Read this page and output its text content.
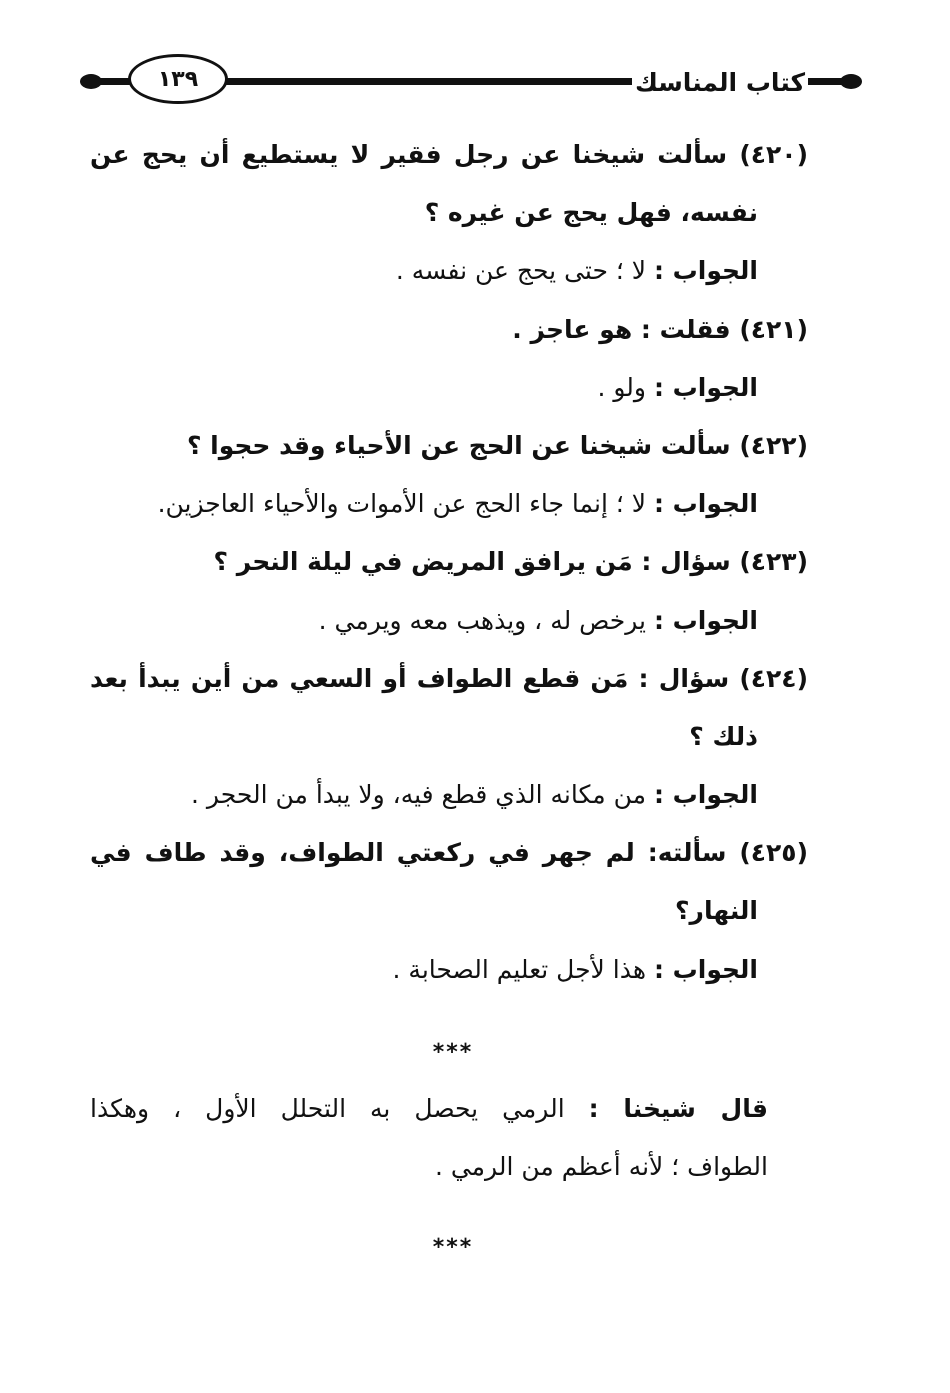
كتاب المناسك
١٣٩
(٤٢٠) سألت شيخنا عن رجل فقير لا يستطيع أن يحج عن
نفسه، فهل يحج عن غيره ؟
الجواب : لا ؛ حتى يحج عن نفسه .
(٤٢١) فقلت : هو عاجز .
الجواب : ولو .
(٤٢٢) سألت شيخنا عن الحج عن الأحياء وقد حجوا ؟
الجواب : لا ؛ إنما جاء الحج عن الأموات والأحياء العاجزين.
(٤٢٣) سؤال : مَن يرافق المريض في ليلة النحر ؟
الجواب : يرخص له ، ويذهب معه ويرمي .
(٤٢٤) سؤال : مَن قطع الطواف أو السعي من أين يبدأ بعد
ذلك ؟
الجواب : من مكانه الذي قطع فيه، ولا يبدأ من الحجر .
(٤٢٥) سألته: لم جهر في ركعتي الطواف، وقد طاف في
النهار؟
الجواب : هذا لأجل تعليم الصحابة .
***
قال شيخنا : الرمي يحصل به التحلل الأول ، وهكذا
الطواف ؛ لأنه أعظم من الرمي .
***
